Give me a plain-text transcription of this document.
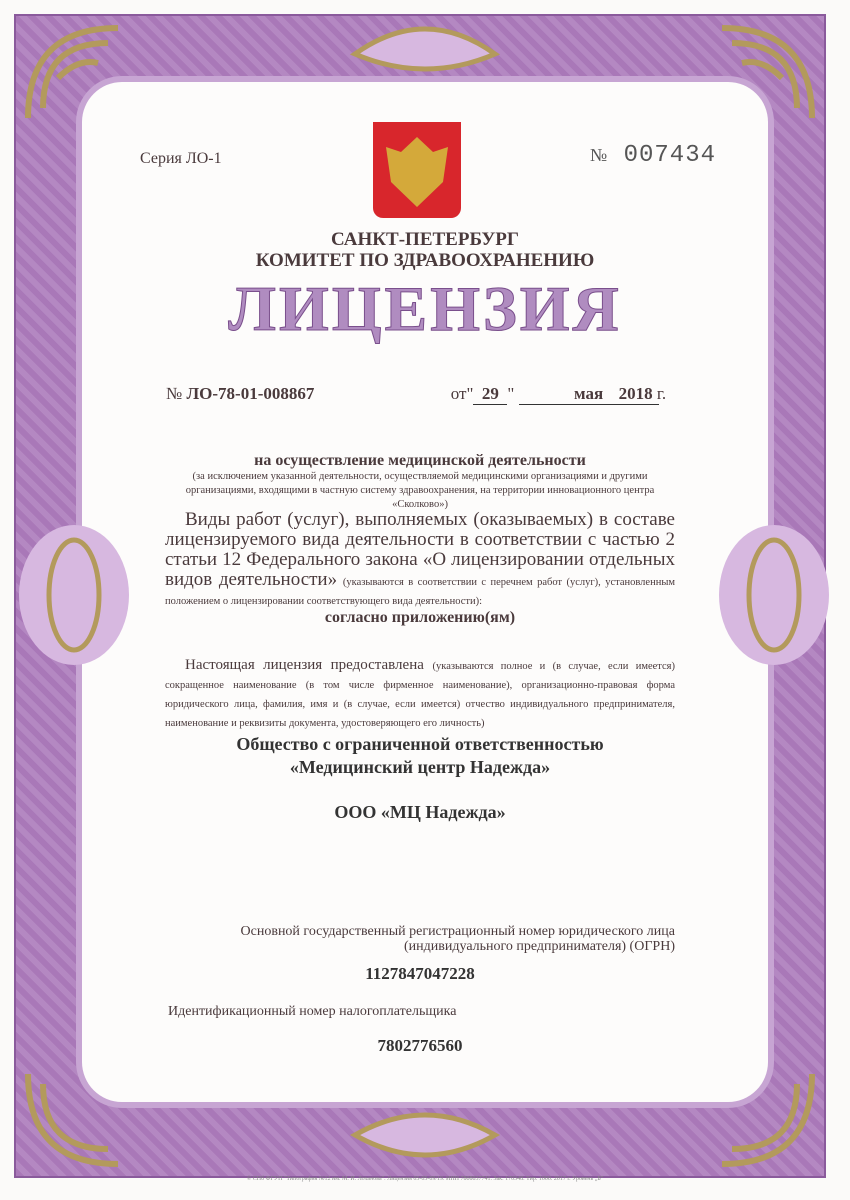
Серия ЛО-1	№ 007434
САНКТ-ПЕТЕРБУРГ
КОМИТЕТ ПО ЗДРАВООХРАНЕНИЮ
ЛИЦЕНЗИЯ
№ ЛО-78-01-008867	от" 29 "	мая 2018 г.
на осуществление медицинской деятельности
(за исключением указанной деятельности, осуществляемой медицинскими организациями и другими организациями, входящими в частную систему здравоохранения, на территории инновационного центра «Сколково»)
Виды работ (услуг), выполняемых (оказываемых) в составе лицензируемого вида деятельности в соответствии с частью 2 статьи 12 Федерального закона «О лицензировании отдельных видов деятельности» (указываются в соответствии с перечнем работ (услуг), установленным положением о лицензировании соответствующего вида деятельности):
согласно приложению(ям)
Настоящая лицензия предоставлена (указываются полное и (в случае, если имеется) сокращенное наименование (в том числе фирменное наименование), организационно-правовая форма юридического лица, фамилия, имя и (в случае, если имеется) отчество индивидуального предпринимателя, наименование и реквизиты документа, удостоверяющего его личность)
Общество с ограниченной ответственностью
«Медицинский центр Надежда»
ООО «МЦ Надежда»
Основной государственный регистрационный номер юридического лица (индивидуального предпринимателя) (ОГРН)
1127847047228
Идентификационный номер налогоплательщика
7802776560
© СПб ФГУП "Типография №12 им. М. И. Лоханова". Лицензия 05-05-09/19. ИНН 7808037741. Зак. 170348. Тир. 1000. 2017 г. Уровень „Б"
